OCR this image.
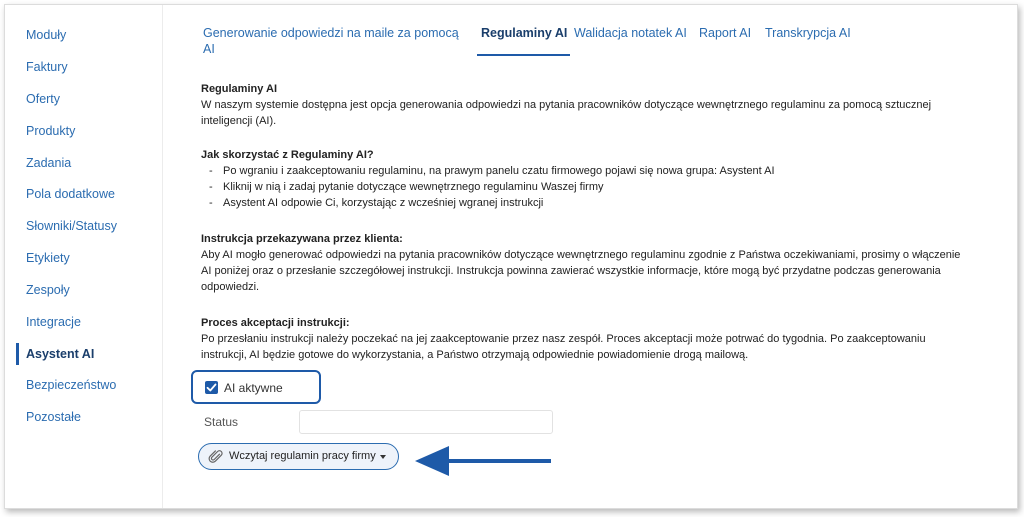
Moduły
Faktury
Oferty
Produkty
Zadania
Pola dodatkowe
Słowniki/Statusy
Etykiety
Zespoły
Integracje
Asystent AI
Bezpieczeństwo
Pozostałe
Generowanie odpowiedzi na maile za pomocą AI
Regulaminy AI Walidacja notatek AI Raport AI Transkrypcja AI
Regulaminy AI

W naszym systemie dostępna jest opcja generowania odpowiedzi na pytania pracowników dotyczące wewnętrznego regulaminu za pomocą sztucznej inteligencji (AI).

Jak skorzystać z Regulaminy AI?
- Po wgraniu i zaakceptowaniu regulaminu, na prawym panelu czatu firmowego pojawi się nowa grupa: Asystent AI
- Kliknij w nią i zadaj pytanie dotyczące wewnętrznego regulaminu Waszej firmy
- Asystent AI odpowie Ci, korzystając z wcześniej wgranej instrukcji
Instrukcja przekazywana przez klienta:

Aby AI mogło generować odpowiedzi na pytania pracowników dotyczące wewnętrznego regulaminu zgodnie z Państwa oczekiwaniami, prosimy o włączenie AI poniżej oraz o przesłanie szczegółowej instrukcji. Instrukcja powinna zawierać wszystkie informacje, które mogą być przydatne podczas generowania odpowiedzi.

Proces akceptacji instrukcji:

Po przesłaniu instrukcji należy poczekać na jej zaakceptowanie przez nasz zespół. Proces akceptacji może potrwać do tygodnia. Po zaakceptowaniu instrukcji, AI będzie gotowe do wykorzystania, a Państwo otrzymają odpowiednie powiadomienie drogą mailową.

AI aktywne
Status
Wczytaj regulamin pracy firmy
